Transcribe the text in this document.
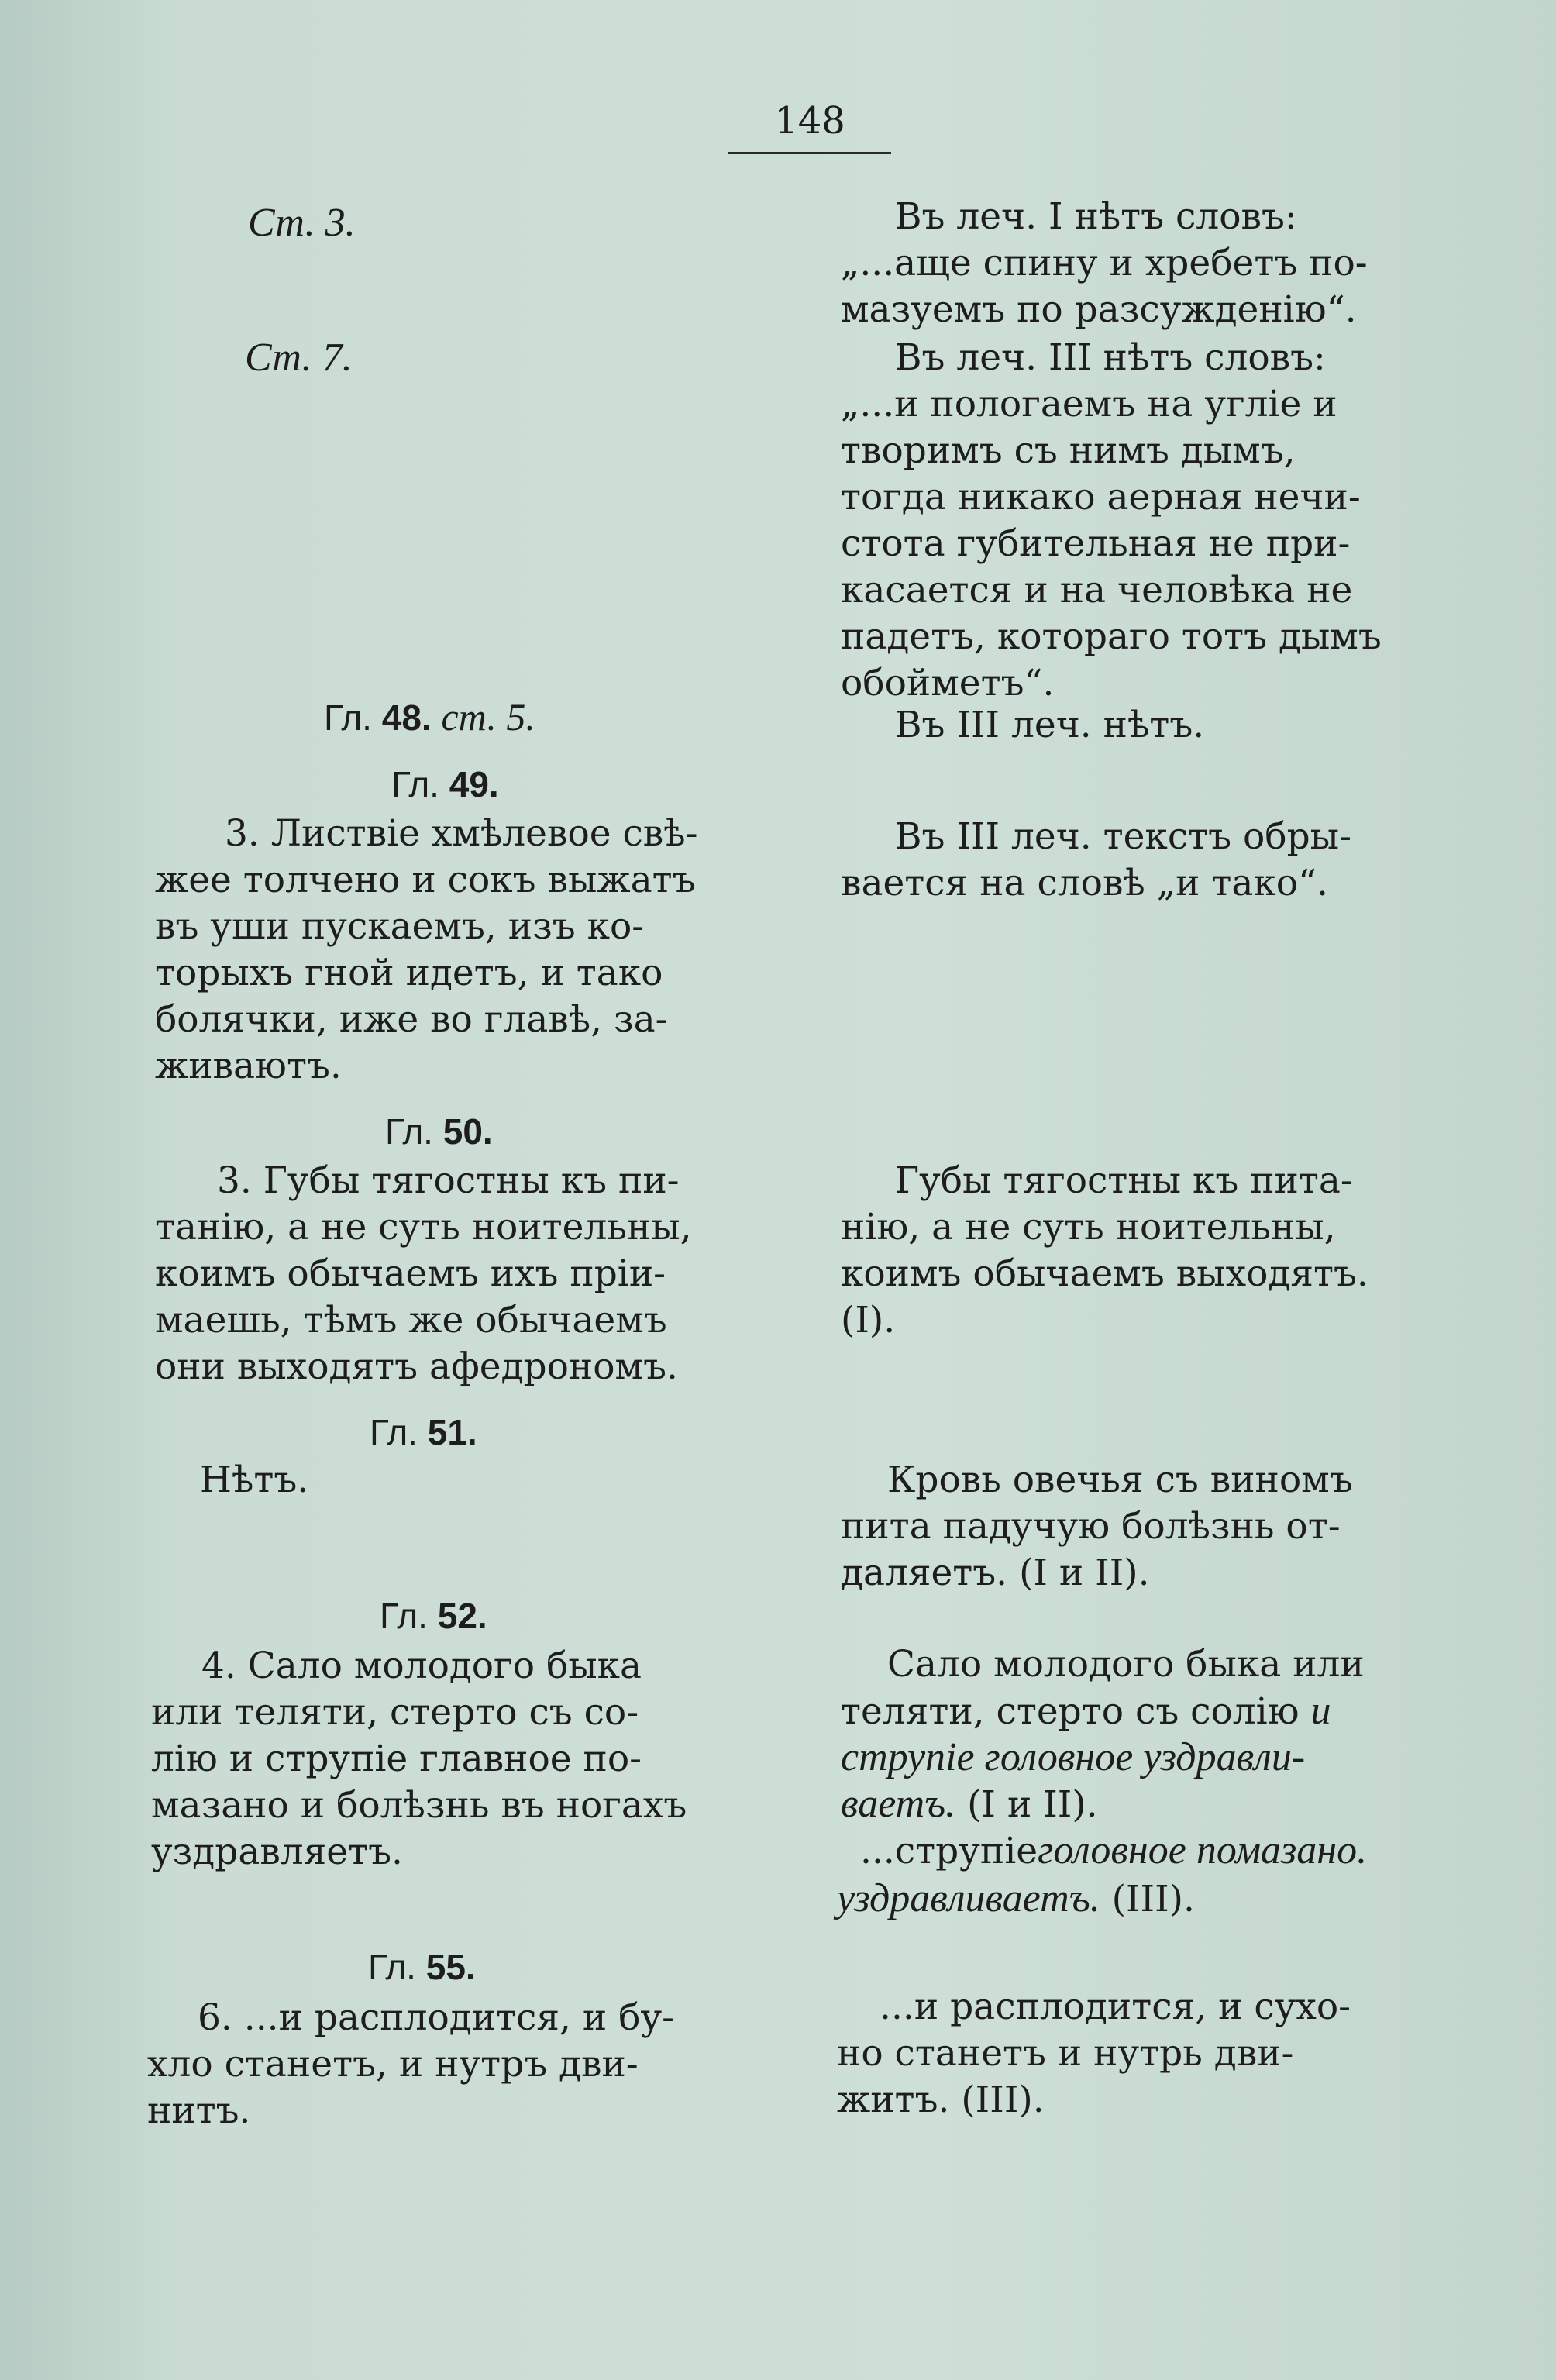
148
Ст. 3.
Ст. 7.
Гл. 48. ст. 5.
Гл. 49.
3. Листвіе хмѣлевое свѣ-
жее толчено и сокъ выжатъ
въ уши пускаемъ, изъ ко-
торыхъ гной идетъ, и тако
болячки, иже во главѣ, за-
живаютъ.
Гл. 50.
3. Губы тягостны къ пи-
танію, а не суть ноительны,
коимъ обычаемъ ихъ пріи-
маешь, тѣмъ же обычаемъ
они выходятъ афедрономъ.
Гл. 51.
Нѣтъ.
Гл. 52.
4. Сало молодого быка
или теляти, стерто съ со-
лію и струпіе главное по-
мазано и болѣзнь въ ногахъ
уздравляетъ.
Гл. 55.
6. ...и расплодится, и бу-
хло станетъ, и нутръ дви-
нитъ.
Въ леч. I нѣтъ словъ:
„...аще спину и хребетъ по-
мазуемъ по разсужденію“.
Въ леч. III нѣтъ словъ:
„...и пологаемъ на угліе и
творимъ съ нимъ дымъ,
тогда никако аерная нечи-
стота губительная не при-
касается и на человѣка не
падетъ, котораго тотъ дымъ
обойметъ“.
Въ III леч. нѣтъ.
Въ III леч. текстъ обры-
вается на словѣ „и тако“.
Губы тягостны къ пита-
нію, а не суть ноительны,
коимъ обычаемъ выходятъ.
(I).
Кровь овечья съ виномъ
пита падучую болѣзнь от-
даляетъ. (I и II).
Сало молодого быка или
теляти, стерто съ солію и
струпіе головное уздравли-
ваетъ. (I и II).
...струпіеголовное помазано.
уздравливаетъ. (III).
...и расплодится, и сухо-
но станетъ и нутрь дви-
житъ. (III).
